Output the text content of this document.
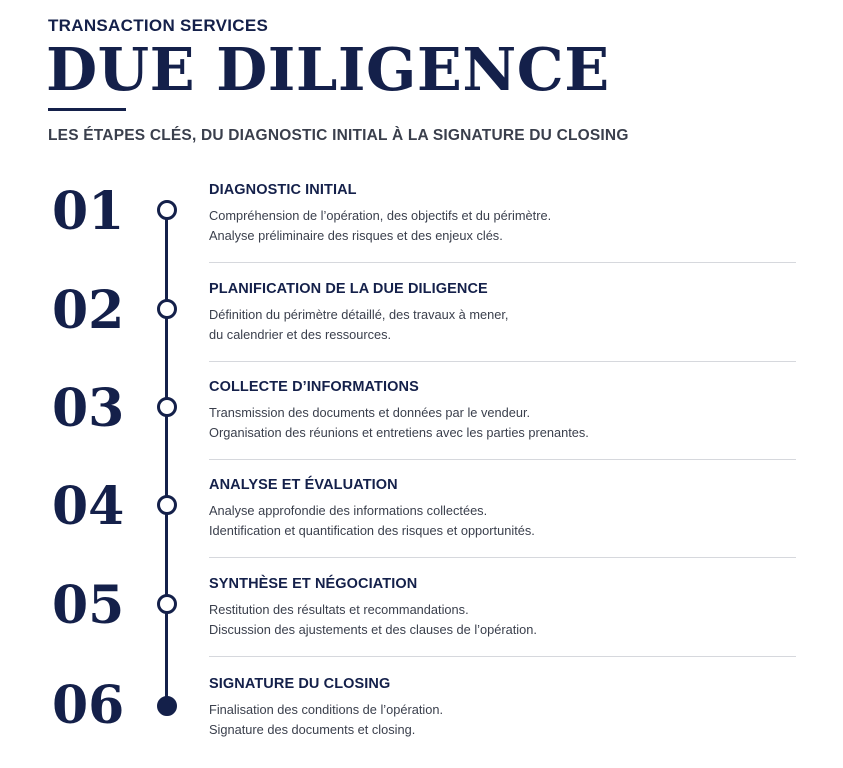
TRANSACTION SERVICES
DUE DILIGENCE
LES ÉTAPES CLÉS, DU DIAGNOSTIC INITIAL À LA SIGNATURE DU CLOSING
01	DIAGNOSTIC INITIAL
Compréhension de l’opération, des objectifs et du périmètre.
Analyse préliminaire des risques et des enjeux clés.
02	PLANIFICATION DE LA DUE DILIGENCE
Définition du périmètre détaillé, des travaux à mener,
du calendrier et des ressources.
03	COLLECTE D’INFORMATIONS
Transmission des documents et données par le vendeur.
Organisation des réunions et entretiens avec les parties prenantes.
04	ANALYSE ET ÉVALUATION
Analyse approfondie des informations collectées.
Identification et quantification des risques et opportunités.
05	SYNTHÈSE ET NÉGOCIATION
Restitution des résultats et recommandations.
Discussion des ajustements et des clauses de l’opération.
06	SIGNATURE DU CLOSING
Finalisation des conditions de l’opération.
Signature des documents et closing.
